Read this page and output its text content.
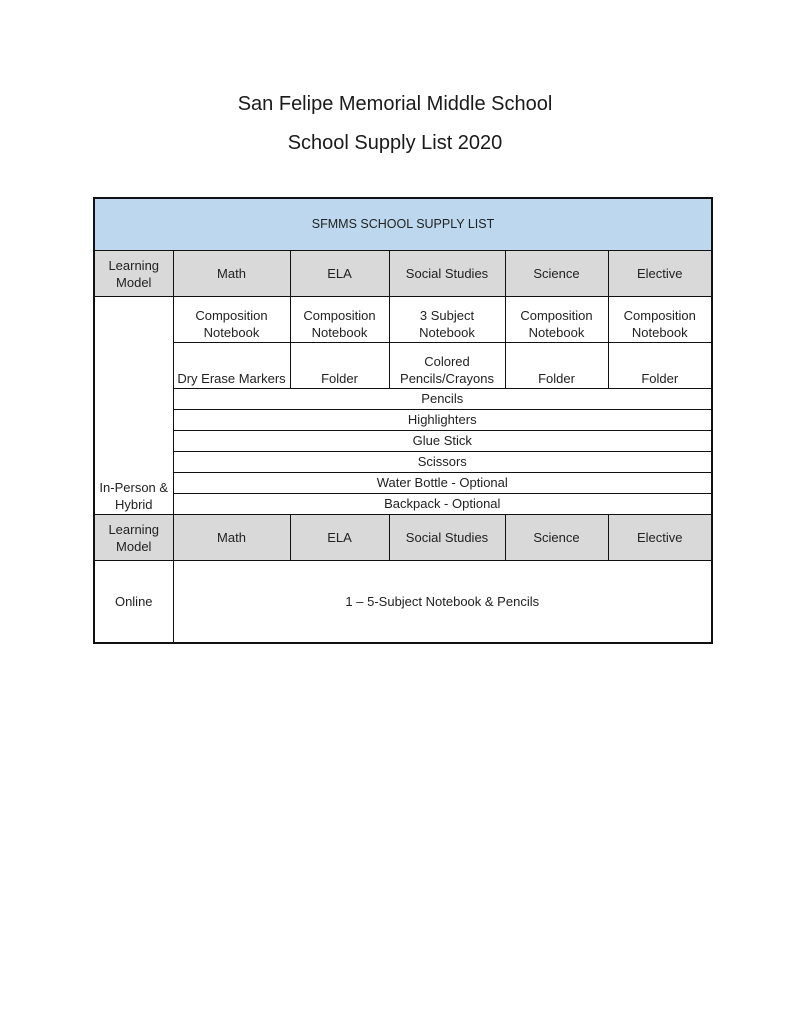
San Felipe Memorial Middle School
School Supply List 2020
SFMMS SCHOOL SUPPLY LIST					
Learning Model	Math	ELA	Social Studies	Science	Elective
In-Person & Hybrid	Composition Notebook	Composition Notebook	3 Subject Notebook	Composition Notebook	Composition Notebook
	Dry Erase Markers	Folder	Colored Pencils/Crayons	Folder	Folder
	Pencils				
	Highlighters				
	Glue Stick				
	Scissors				
	Water Bottle - Optional				
	Backpack - Optional				
Learning Model	Math	ELA	Social Studies	Science	Elective
Online	1 – 5-Subject Notebook & Pencils				
